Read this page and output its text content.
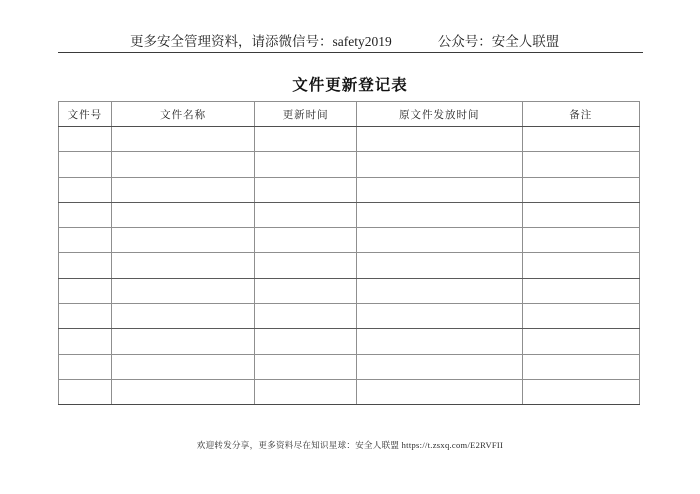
更多安全管理资料，请添微信号：safety2019	公众号：安全人联盟
文件更新登记表
文件号	文件名称	更新时间	原文件发放时间	备注

欢迎转发分享，更多资料尽在知识星球：安全人联盟 https://t.zsxq.com/E2RVFII
